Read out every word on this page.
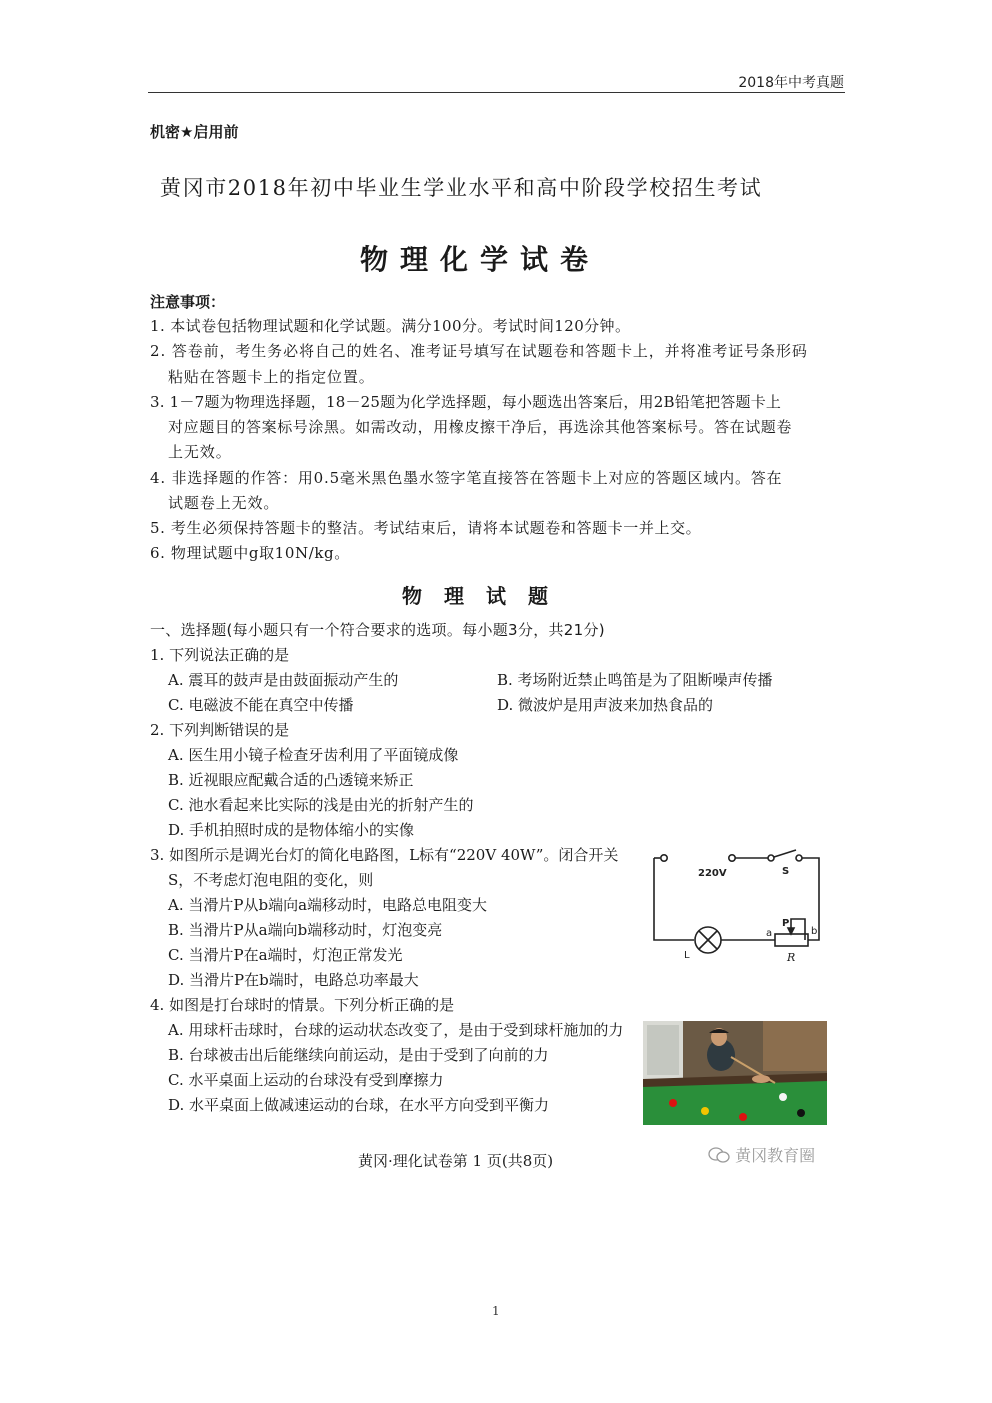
2018年中考真题
机密★启用前
黄冈市2018年初中毕业生学业水平和高中阶段学校招生考试
物理化学试卷
注意事项：
1. 本试卷包括物理试题和化学试题。满分100分。考试时间120分钟。
2. 答卷前，考生务必将自己的姓名、准考证号填写在试题卷和答题卡上，并将准考证号条形码
粘贴在答题卡上的指定位置。
3. 1－7题为物理选择题，18－25题为化学选择题，每小题选出答案后，用2B铅笔把答题卡上
对应题目的答案标号涂黑。如需改动，用橡皮擦干净后，再选涂其他答案标号。答在试题卷
上无效。
4. 非选择题的作答：用0.5毫米黑色墨水签字笔直接答在答题卡上对应的答题区域内。答在
试题卷上无效。
5. 考生必须保持答题卡的整洁。考试结束后，请将本试题卷和答题卡一并上交。
6. 物理试题中g取10N/kg。
物理试题
一、选择题(每小题只有一个符合要求的选项。每小题3分，共21分)
1. 下列说法正确的是
A. 震耳的鼓声是由鼓面振动产生的	B. 考场附近禁止鸣笛是为了阻断噪声传播
C. 电磁波不能在真空中传播	D. 微波炉是用声波来加热食品的
2. 下列判断错误的是
A. 医生用小镜子检查牙齿利用了平面镜成像
B. 近视眼应配戴合适的凸透镜来矫正
C. 池水看起来比实际的浅是由光的折射产生的
D. 手机拍照时成的是物体缩小的实像
3. 如图所示是调光台灯的简化电路图，L标有“220V 40W”。闭合开关
S，不考虑灯泡电阻的变化，则
A. 当滑片P从b端向a端移动时，电路总电阻变大
B. 当滑片P从a端向b端移动时，灯泡变亮
C. 当滑片P在a端时，灯泡正常发光
D. 当滑片P在b端时，电路总功率最大
220V	S
P
a	b
L	R
4. 如图是打台球时的情景。下列分析正确的是
A. 用球杆击球时，台球的运动状态改变了，是由于受到球杆施加的力
B. 台球被击出后能继续向前运动，是由于受到了向前的力
C. 水平桌面上运动的台球没有受到摩擦力
D. 水平桌面上做减速运动的台球，在水平方向受到平衡力
黄冈·理化试卷第 1 页(共8页)	黄冈教育圈
1
